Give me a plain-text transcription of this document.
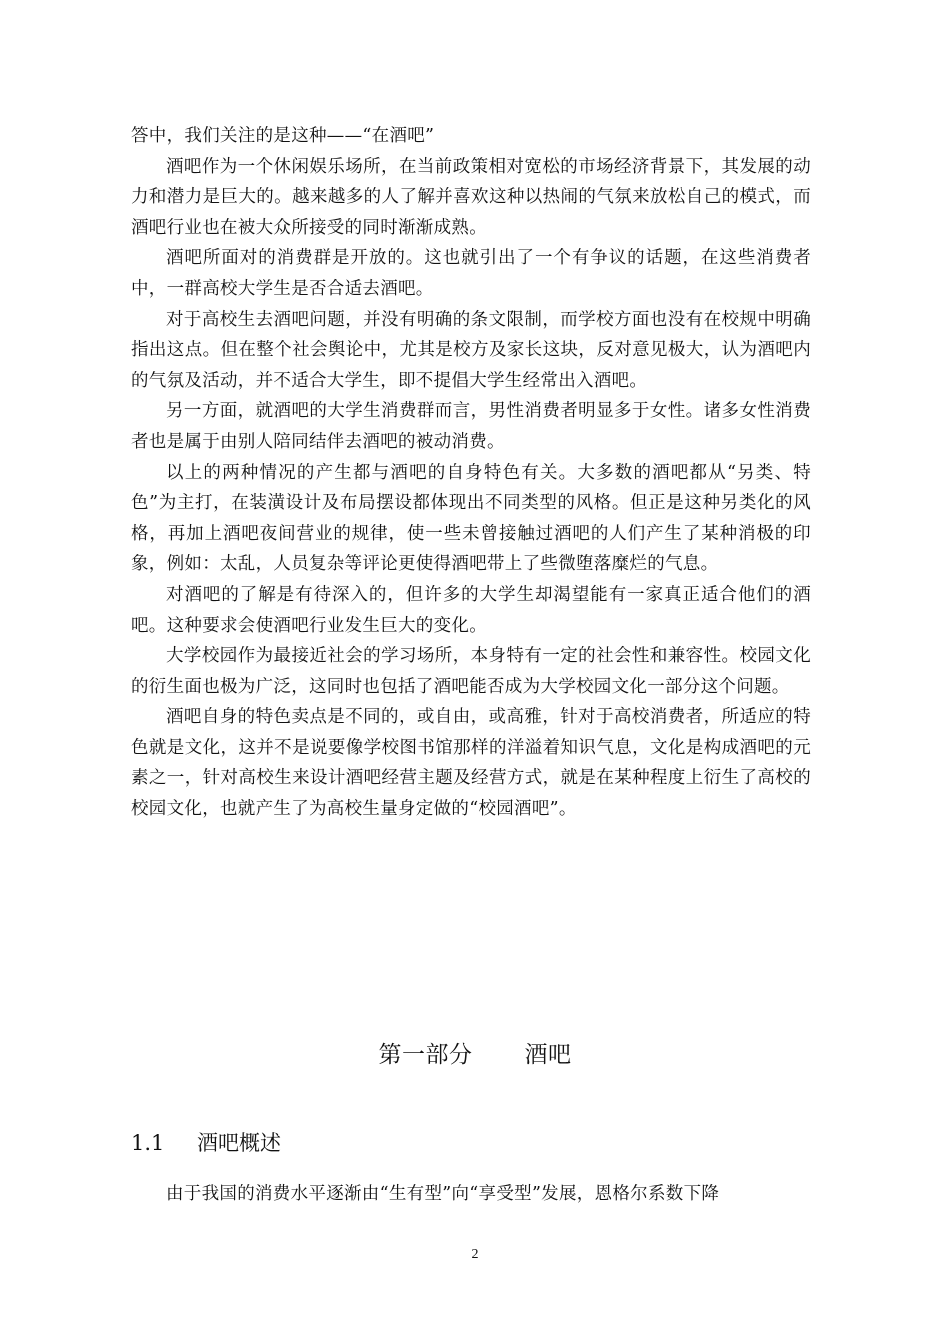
答中，我们关注的是这种——“在酒吧”

酒吧作为一个休闲娱乐场所，在当前政策相对宽松的市场经济背景下，其发展的动力和潜力是巨大的。越来越多的人了解并喜欢这种以热闹的气氛来放松自己的模式，而酒吧行业也在被大众所接受的同时渐渐成熟。

酒吧所面对的消费群是开放的。这也就引出了一个有争议的话题，在这些消费者中，一群高校大学生是否合适去酒吧。

对于高校生去酒吧问题，并没有明确的条文限制，而学校方面也没有在校规中明确指出这点。但在整个社会舆论中，尤其是校方及家长这块，反对意见极大，认为酒吧内的气氛及活动，并不适合大学生，即不提倡大学生经常出入酒吧。

另一方面，就酒吧的大学生消费群而言，男性消费者明显多于女性。诸多女性消费者也是属于由别人陪同结伴去酒吧的被动消费。

以上的两种情况的产生都与酒吧的自身特色有关。大多数的酒吧都从“另类、特色”为主打，在装潢设计及布局摆设都体现出不同类型的风格。但正是这种另类化的风格，再加上酒吧夜间营业的规律，使一些未曾接触过酒吧的人们产生了某种消极的印象，例如：太乱，人员复杂等评论更使得酒吧带上了些微堕落糜烂的气息。

对酒吧的了解是有待深入的，但许多的大学生却渴望能有一家真正适合他们的酒吧。这种要求会使酒吧行业发生巨大的变化。

大学校园作为最接近社会的学习场所，本身特有一定的社会性和兼容性。校园文化的衍生面也极为广泛，这同时也包括了酒吧能否成为大学校园文化一部分这个问题。

酒吧自身的特色卖点是不同的，或自由，或高雅，针对于高校消费者，所适应的特色就是文化，这并不是说要像学校图书馆那样的洋溢着知识气息，文化是构成酒吧的元素之一，针对高校生来设计酒吧经营主题及经营方式，就是在某种程度上衍生了高校的校园文化，也就产生了为高校生量身定做的“校园酒吧”。

第一部分 酒吧
1.1 酒吧概述

由于我国的消费水平逐渐由“生有型”向“享受型”发展，恩格尔系数下降

2
